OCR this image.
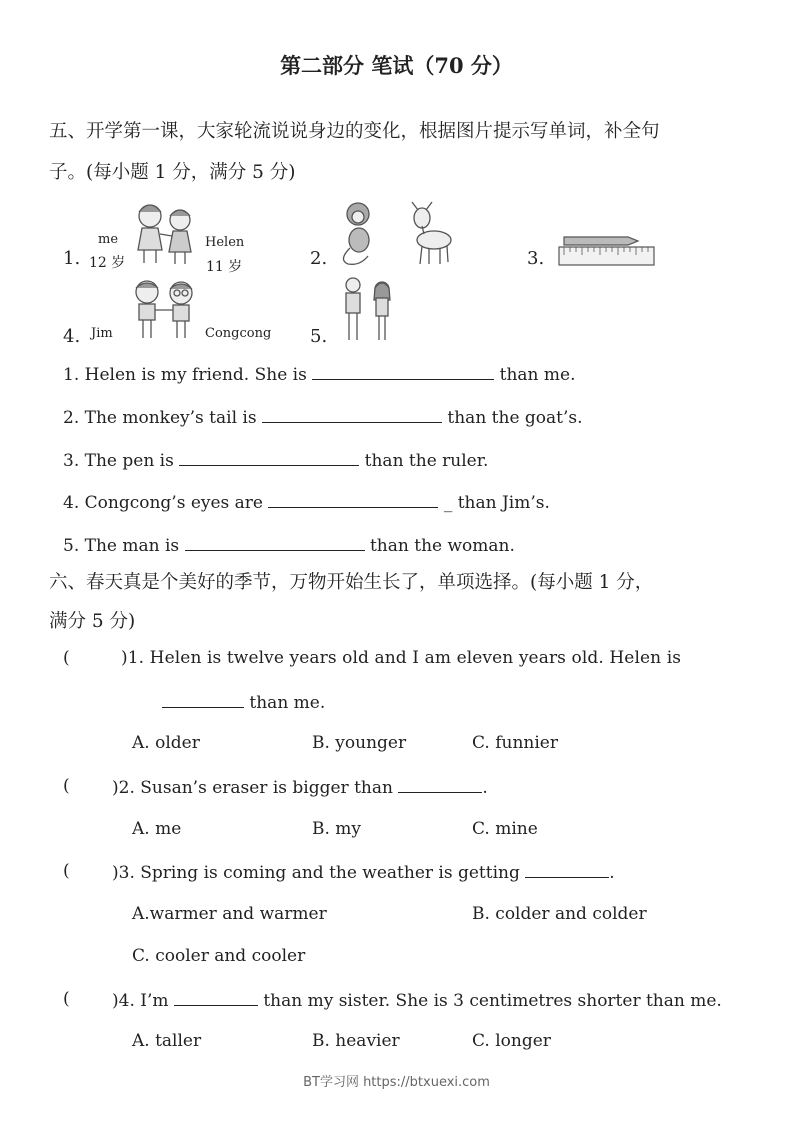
第二部分 笔试（70 分）
五、开学第一课，大家轮流说说身边的变化，根据图片提示写单词，补全句
子。(每小题 1 分，满分 5 分)
1.
me
12 岁
Helen
11 岁	2.	3.
4. Jim	Congcong 5.
1. Helen is my friend. She is	than me.
2. The monkey’s tail is	than the goat’s.
3. The pen is	than the ruler.
4. Congcong’s eyes are	_ than Jim’s.
5. The man is	than the woman.
六、春天真是个美好的季节，万物开始生长了，单项选择。(每小题 1 分，
满分 5 分)
(	)1. Helen is twelve years old and I am eleven years old. Helen is
than me.
A. older	B. younger	C. funnier
( )2. Susan’s eraser is bigger than	.
A. me	B. my	C. mine
( )3. Spring is coming and the weather is getting	.
A.warmer and warmer	B. colder and colder
C. cooler and cooler
( )4. I’m	than my sister. She is 3 centimetres shorter than me.
A. taller	B. heavier	C. longer
BT学习网 https://btxuexi.com
